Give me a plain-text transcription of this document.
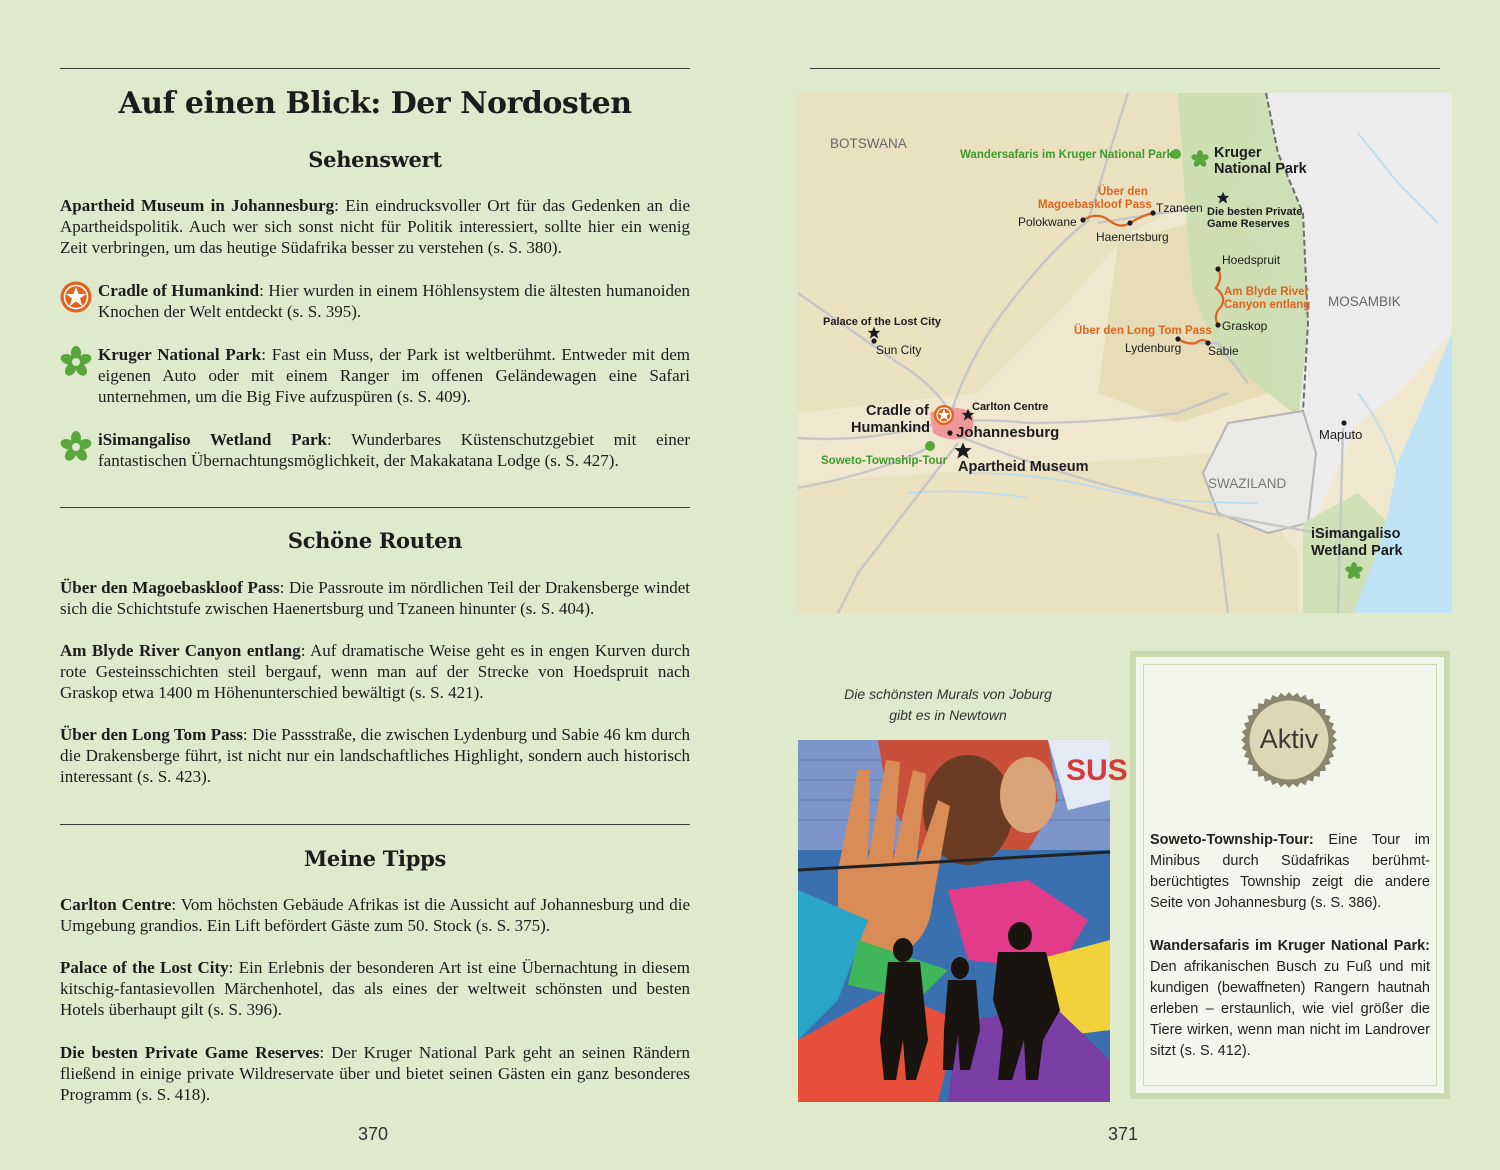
Auf einen Blick: Der Nordosten
Sehenswert

Apartheid Museum in Johannesburg: Ein eindrucksvoller Ort für das Gedenken an die Apartheidspolitik. Auch wer sich sonst nicht für Politik interessiert, sollte hier ein wenig Zeit verbringen, um das heutige Südafrika besser zu verstehen (s. S. 380).

Cradle of Humankind: Hier wurden in einem Höhlensystem die ältesten humanoiden Knochen der Welt entdeckt (s. S. 395).

Kruger National Park: Fast ein Muss, der Park ist weltberühmt. Entweder mit dem eigenen Auto oder mit einem Ranger im offenen Geländewagen eine Safari unternehmen, um die Big Five aufzuspüren (s. S. 409).

iSimangaliso Wetland Park: Wunderbares Küstenschutzgebiet mit einer fantastischen Übernachtungsmöglichkeit, der Makakatana Lodge (s. S. 427).

Schöne Routen

Über den Magoebaskloof Pass: Die Passroute im nördlichen Teil der Drakensberge windet sich die Schichtstufe zwischen Haenertsburg und Tzaneen hinunter (s. S. 404).

Am Blyde River Canyon entlang: Auf dramatische Weise geht es in engen Kurven durch rote Gesteinsschichten steil bergauf, wenn man auf der Strecke von Hoedspruit nach Graskop etwa 1400 m Höhenunterschied bewältigt (s. S. 421).

Über den Long Tom Pass: Die Passstraße, die zwischen Lydenburg und Sabie 46 km durch die Drakensberge führt, ist nicht nur ein landschaftliches Highlight, sondern auch historisch interessant (s. S. 423).

Meine Tipps

Carlton Centre: Vom höchsten Gebäude Afrikas ist die Aussicht auf Johannesburg und die Umgebung grandios. Ein Lift befördert Gäste zum 50. Stock (s. S. 375).

Palace of the Lost City: Ein Erlebnis der besonderen Art ist eine Übernachtung in diesem kitschig-fantasievollen Märchenhotel, das als eines der weltweit schönsten und besten Hotels überhaupt gilt (s. S. 396).

Die besten Private Game Reserves: Der Kruger National Park geht an seinen Rändern fließend in einige private Wildreservate über und bietet seinen Gästen ein ganz besonderes Programm (s. S. 418).

370
BOTSWANA
MOSAMBIK
SWAZILAND
Wandersafaris im Kruger National Park	Kruger
National Park
Über den
Magoebaskloof Pass Tzaneen
Polokwane
Haenertsburg
Die besten Private
Game Reserves
Hoedspruit
Am Blyde River
Canyon entlang
Graskop
Palace of the Lost City
Sun City
Über den Long Tom Pass
Lydenburg Sabie
Cradle of
Humankind
Carlton Centre
Johannesburg
Soweto-Township-Tour Apartheid Museum
Maputo
iSimangaliso
Wetland Park

Die schönsten Murals von Joburg
gibt es in Newtown

SUS
Aktiv

Soweto-Township-Tour: Eine Tour im Minibus durch Südafrikas berühmt-berüchtigtes Township zeigt die andere Seite von Johannesburg (s. S. 386).

Wandersafaris im Kruger National Park: Den afrikanischen Busch zu Fuß und mit kundigen (bewaffneten) Rangern hautnah erleben – erstaunlich, wie viel größer die Tiere wirken, wenn man nicht im Landrover sitzt (s. S. 412).

371
